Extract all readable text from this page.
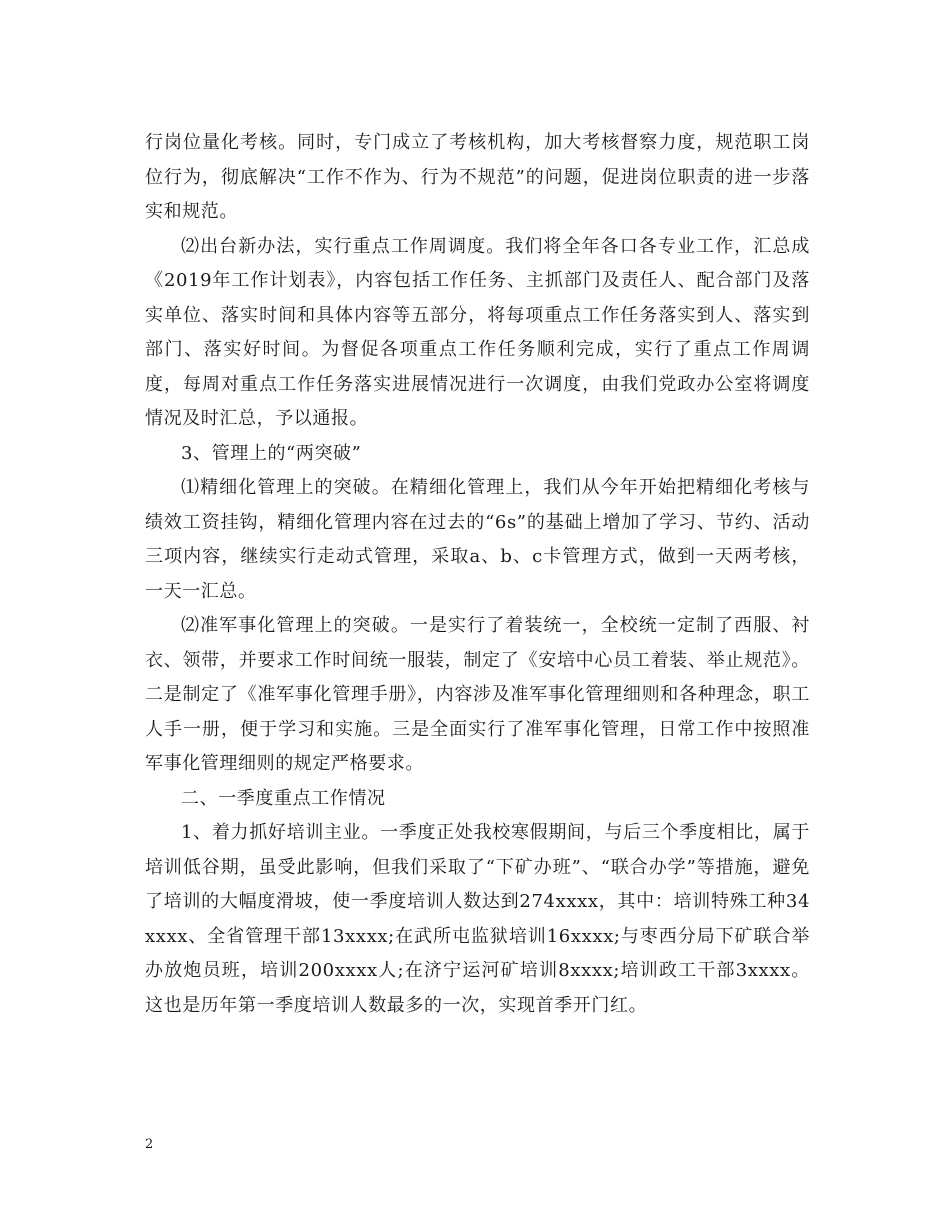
行岗位量化考核。同时，专门成立了考核机构，加大考核督察力度，规范职工岗位行为，彻底解决“工作不作为、行为不规范”的问题，促进岗位职责的进一步落实和规范。

⑵出台新办法，实行重点工作周调度。我们将全年各口各专业工作，汇总成《2019年工作计划表》，内容包括工作任务、主抓部门及责任人、配合部门及落实单位、落实时间和具体内容等五部分，将每项重点工作任务落实到人、落实到部门、落实好时间。为督促各项重点工作任务顺利完成，实行了重点工作周调度，每周对重点工作任务落实进展情况进行一次调度，由我们党政办公室将调度情况及时汇总，予以通报。

3、管理上的“两突破”

⑴精细化管理上的突破。在精细化管理上，我们从今年开始把精细化考核与绩效工资挂钩，精细化管理内容在过去的“6s”的基础上增加了学习、节约、活动三项内容，继续实行走动式管理，采取a、b、c卡管理方式，做到一天两考核，一天一汇总。

⑵准军事化管理上的突破。一是实行了着装统一，全校统一定制了西服、衬衣、领带，并要求工作时间统一服装，制定了《安培中心员工着装、举止规范》。二是制定了《准军事化管理手册》，内容涉及准军事化管理细则和各种理念，职工人手一册，便于学习和实施。三是全面实行了准军事化管理，日常工作中按照准军事化管理细则的规定严格要求。

二、一季度重点工作情况

1、着力抓好培训主业。一季度正处我校寒假期间，与后三个季度相比，属于培训低谷期，虽受此影响，但我们采取了“下矿办班”、“联合办学”等措施，避免了培训的大幅度滑坡，使一季度培训人数达到274xxxx，其中：培训特殊工种34xxxx、全省管理干部13xxxx;在武所屯监狱培训16xxxx;与枣西分局下矿联合举办放炮员班，培训200xxxx人;在济宁运河矿培训8xxxx;培训政工干部3xxxx。这也是历年第一季度培训人数最多的一次，实现首季开门红。

2
